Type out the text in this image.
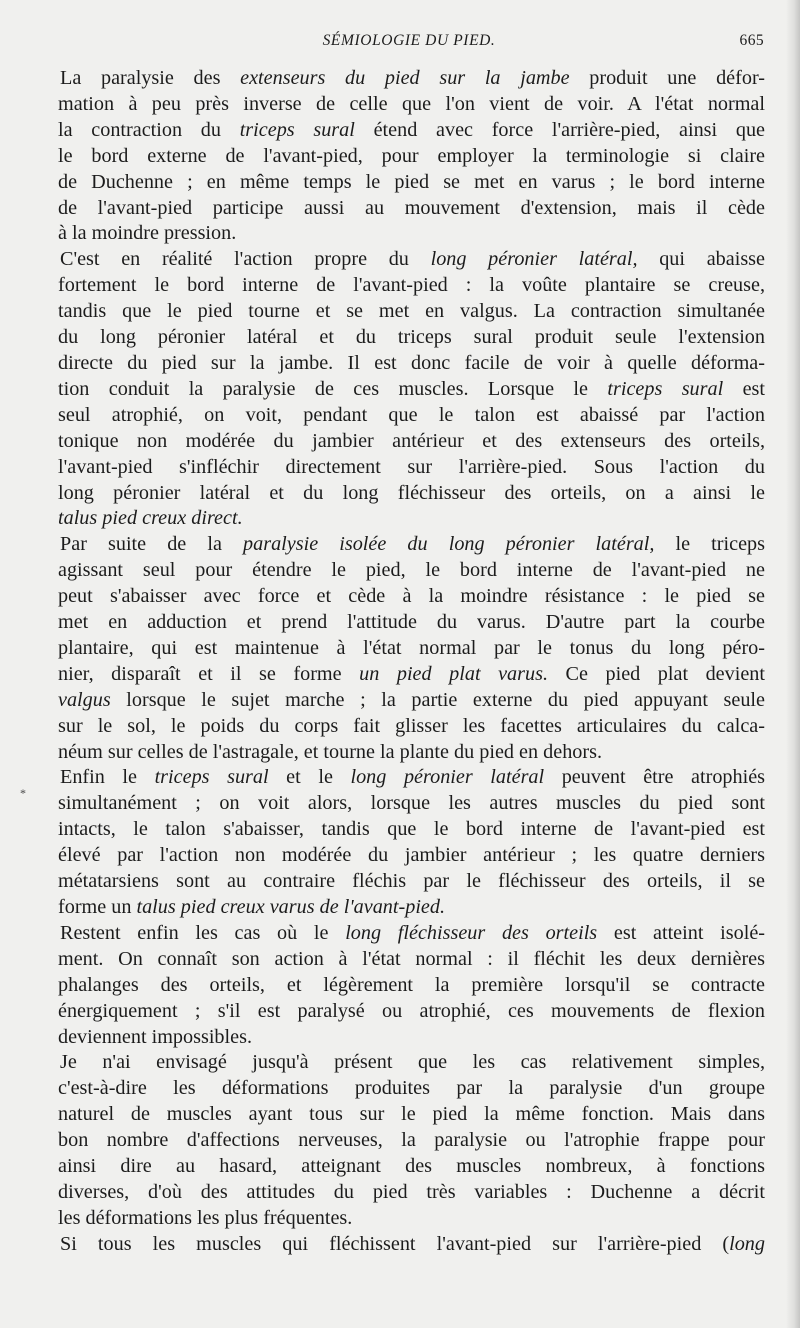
SÉMIOLOGIE DU PIED.	665
*
La paralysie des extenseurs du pied sur la jambe produit une défor-
mation à peu près inverse de celle que l'on vient de voir. A l'état normal
la contraction du triceps sural étend avec force l'arrière-pied, ainsi que
le bord externe de l'avant-pied, pour employer la terminologie si claire
de Duchenne ; en même temps le pied se met en varus ; le bord interne
de l'avant-pied participe aussi au mouvement d'extension, mais il cède
à la moindre pression.
C'est en réalité l'action propre du long péronier latéral, qui abaisse
fortement le bord interne de l'avant-pied : la voûte plantaire se creuse,
tandis que le pied tourne et se met en valgus. La contraction simultanée
du long péronier latéral et du triceps sural produit seule l'extension
directe du pied sur la jambe. Il est donc facile de voir à quelle déforma-
tion conduit la paralysie de ces muscles. Lorsque le triceps sural est
seul atrophié, on voit, pendant que le talon est abaissé par l'action
tonique non modérée du jambier antérieur et des extenseurs des orteils,
l'avant-pied s'infléchir directement sur l'arrière-pied. Sous l'action du
long péronier latéral et du long fléchisseur des orteils, on a ainsi le
talus pied creux direct.
Par suite de la paralysie isolée du long péronier latéral, le triceps
agissant seul pour étendre le pied, le bord interne de l'avant-pied ne
peut s'abaisser avec force et cède à la moindre résistance : le pied se
met en adduction et prend l'attitude du varus. D'autre part la courbe
plantaire, qui est maintenue à l'état normal par le tonus du long péro-
nier, disparaît et il se forme un pied plat varus. Ce pied plat devient
valgus lorsque le sujet marche ; la partie externe du pied appuyant seule
sur le sol, le poids du corps fait glisser les facettes articulaires du calca-
néum sur celles de l'astragale, et tourne la plante du pied en dehors.
Enfin le triceps sural et le long péronier latéral peuvent être atrophiés
simultanément ; on voit alors, lorsque les autres muscles du pied sont
intacts, le talon s'abaisser, tandis que le bord interne de l'avant-pied est
élevé par l'action non modérée du jambier antérieur ; les quatre derniers
métatarsiens sont au contraire fléchis par le fléchisseur des orteils, il se
forme un talus pied creux varus de l'avant-pied.
Restent enfin les cas où le long fléchisseur des orteils est atteint isolé-
ment. On connaît son action à l'état normal : il fléchit les deux dernières
phalanges des orteils, et légèrement la première lorsqu'il se contracte
énergiquement ; s'il est paralysé ou atrophié, ces mouvements de flexion
deviennent impossibles.
Je n'ai envisagé jusqu'à présent que les cas relativement simples,
c'est-à-dire les déformations produites par la paralysie d'un groupe
naturel de muscles ayant tous sur le pied la même fonction. Mais dans
bon nombre d'affections nerveuses, la paralysie ou l'atrophie frappe pour
ainsi dire au hasard, atteignant des muscles nombreux, à fonctions
diverses, d'où des attitudes du pied très variables : Duchenne a décrit
les déformations les plus fréquentes.
Si tous les muscles qui fléchissent l'avant-pied sur l'arrière-pied (long
